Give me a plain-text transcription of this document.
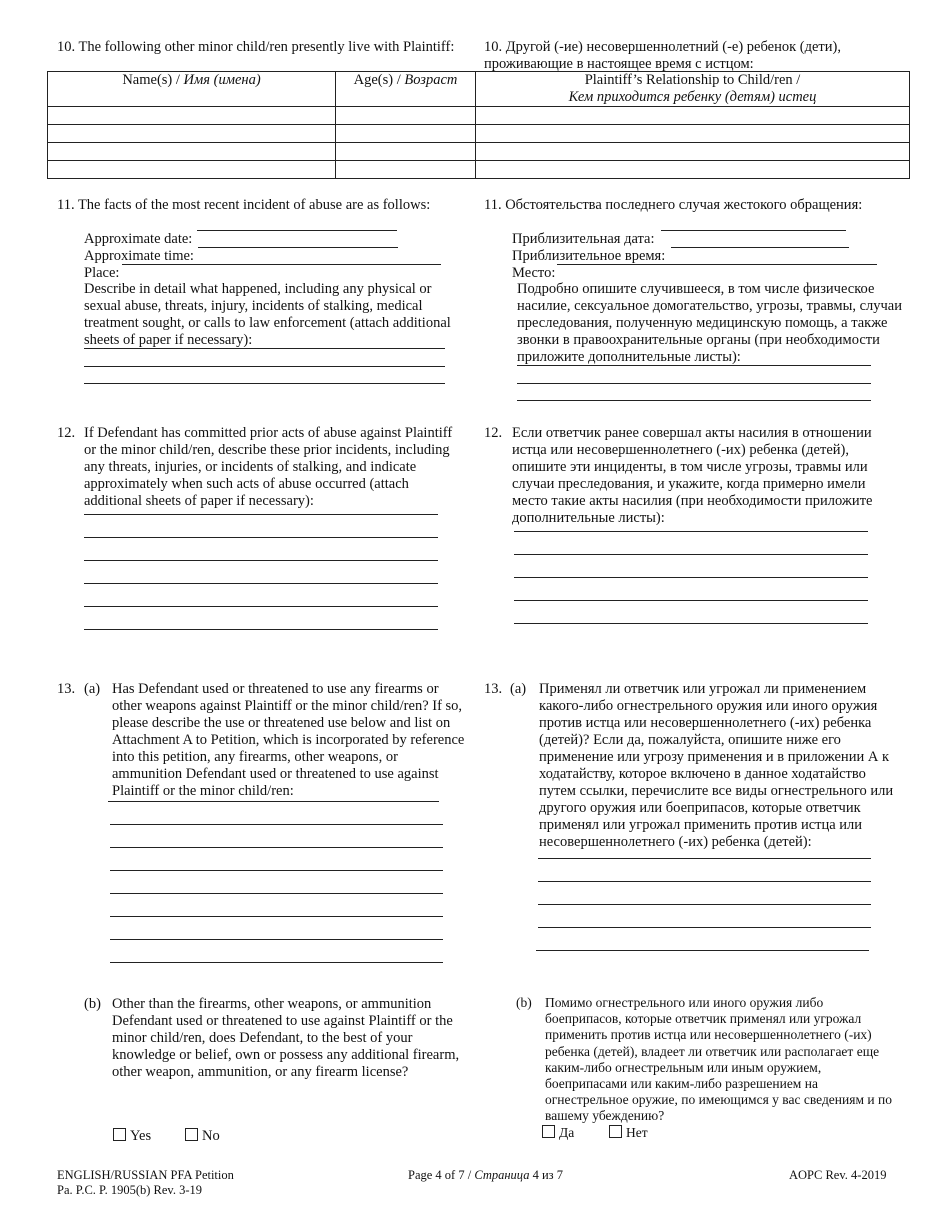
10. The following other minor child/ren presently live with Plaintiff: 10. Другой (-ие) несовершеннолетний (-е) ребенок (дети), проживающие в настоящее время с истцом:
Name(s) / Имя (имена)	Age(s) / Возраст	Plaintiff’s Relationship to Child/ren /
Кем приходится ребенку (детям) истец

11. The facts of the most recent incident of abuse are as follows:
Approximate date:
Approximate time:
Place:
Describe in detail what happened, including any physical or sexual abuse, threats, injury, incidents of stalking, medical treatment sought, or calls to law enforcement (attach additional sheets of paper if necessary):
11. Обстоятельства последнего случая жестокого обращения:
Приблизительная дата:
Приблизительное время:
Место:
Подробно опишите случившееся, в том числе физическое насилие, сексуальное домогательство, угрозы, травмы, случаи преследования, полученную медицинскую помощь, а также звонки в правоохранительные органы (при необходимости приложите дополнительные листы):
12. If Defendant has committed prior acts of abuse against Plaintiff or the minor child/ren, describe these prior incidents, including any threats, injuries, or incidents of stalking, and indicate approximately when such acts of abuse occurred (attach additional sheets of paper if necessary):
12. Если ответчик ранее совершал акты насилия в отношении истца или несовершеннолетнего (-их) ребенка (детей), опишите эти инциденты, в том числе угрозы, травмы или случаи преследования, и укажите, когда примерно имели место такие акты насилия (при необходимости приложите дополнительные листы):
13. (a) Has Defendant used or threatened to use any firearms or other weapons against Plaintiff or the minor child/ren? If so, please describe the use or threatened use below and list on Attachment A to Petition, which is incorporated by reference into this petition, any firearms, other weapons, or ammunition Defendant used or threatened to use against Plaintiff or the minor child/ren:
13. (a) Применял ли ответчик или угрожал ли применением какого-либо огнестрельного оружия или иного оружия против истца или несовершеннолетнего (-их) ребенка (детей)? Если да, пожалуйста, опишите ниже его применение или угрозу применения и в приложении А к ходатайству, которое включено в данное ходатайство путем ссылки, перечислите все виды огнестрельного или другого оружия или боеприпасов, которые ответчик применял или угрожал применить против истца или несовершеннолетнего (-их) ребенка (детей):
(b) Other than the firearms, other weapons, or ammunition Defendant used or threatened to use against Plaintiff or the minor child/ren, does Defendant, to the best of your knowledge or belief, own or possess any additional firearm, other weapon, ammunition, or any firearm license?
Yes	No
(b) Помимо огнестрельного или иного оружия либо боеприпасов, которые ответчик применял или угрожал применить против истца или несовершеннолетнего (-их) ребенка (детей), владеет ли ответчик или располагает еще каким-либо огнестрельным или иным оружием, боеприпасами или каким-либо разрешением на огнестрельное оружие, по имеющимся у вас сведениям и по вашему убеждению?
Да	Нет
ENGLISH/RUSSIAN PFA Petition
Pa. P.C. P. 1905(b) Rev. 3-19
Page 4 of 7 / Страница 4 из 7	AOPC Rev. 4-2019
